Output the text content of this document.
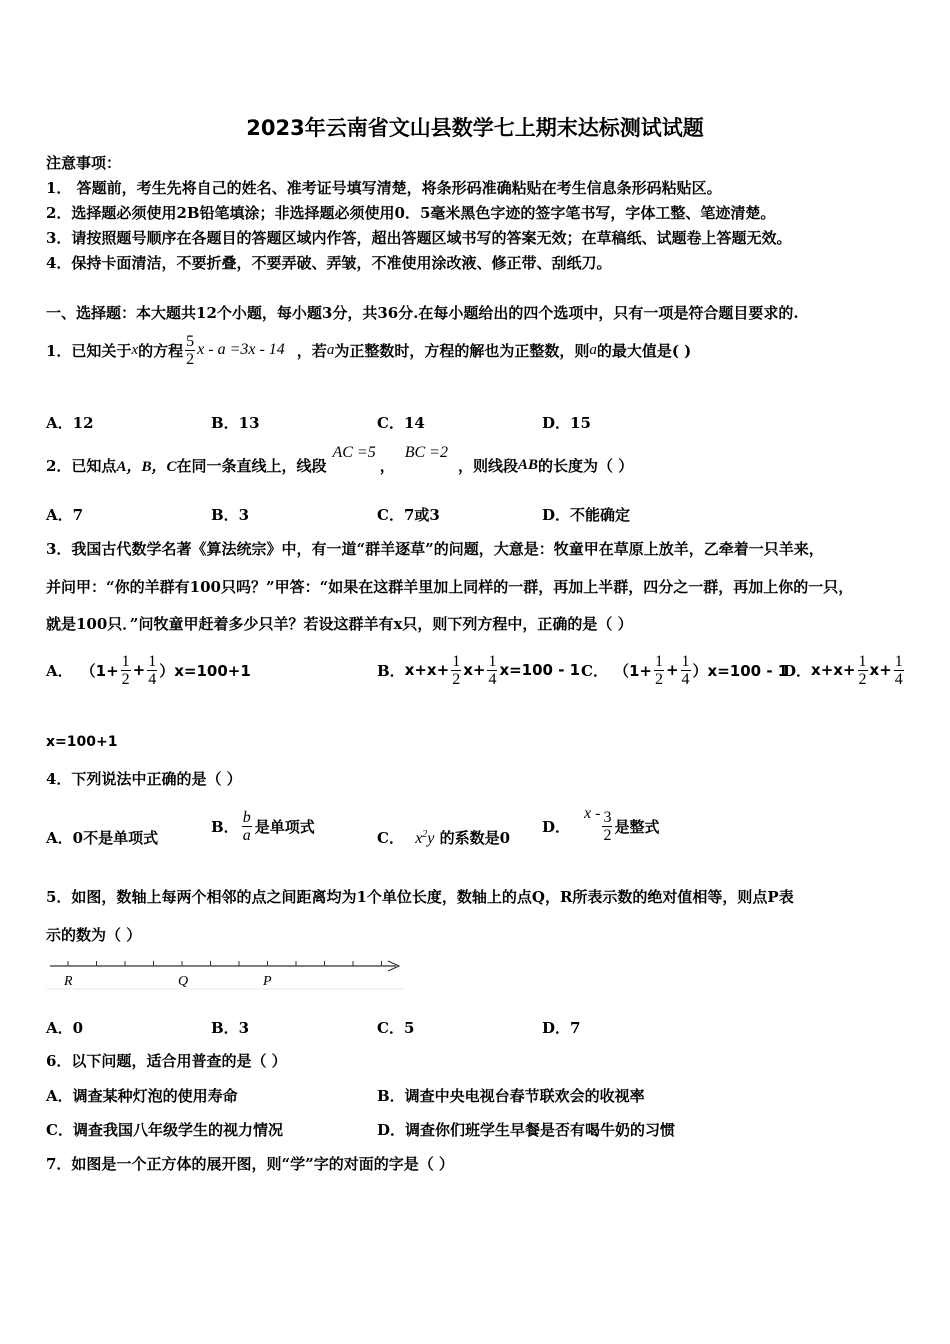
2023年云南省文山县数学七上期末达标测试试题
注意事项：
1． 答题前，考生先将自己的姓名、准考证号填写清楚，将条形码准确粘贴在考生信息条形码粘贴区。
2．选择题必须使用2B铅笔填涂；非选择题必须使用0．5毫米黑色字迹的签字笔书写，字体工整、笔迹清楚。
3．请按照题号顺序在各题目的答题区域内作答，超出答题区域书写的答案无效；在草稿纸、试题卷上答题无效。
4．保持卡面清洁，不要折叠，不要弄破、弄皱，不准使用涂改液、修正带、刮纸刀。
一、选择题：本大题共12个小题，每小题3分，共36分.在每小题给出的四个选项中，只有一项是符合题目要求的.
1．已知关于 x 的方程 $\frac{5}{2}$ x - a =3x - 14 ，若 a 为正整数时，方程的解也为正整数，则 a 的最大值是( )
A．12	B．13	C．14	D．15
2．已知点 A，B，C 在同一条直线上，线段
AC =5
，
BC =2
，则线段 AB 的长度为（ ）
A．7	B．3	C．7或3	D．不能确定
3．我国古代数学名著《算法统宗》中，有一道“群羊逐草”的问题，大意是：牧童甲在草原上放羊，乙牵着一只羊来，
并问甲：“你的羊群有100只吗？”甲答：“如果在这群羊里加上同样的一群，再加上半群，四分之一群，再加上你的一只，
就是100只．”问牧童甲赶着多少只羊？若设这群羊有x只，则下列方程中，正确的是（ ）
A． $(1+ \frac{1}{2} + \frac{1}{4} )x=100+1$	B． $x+x+ \frac{1}{2} x+ \frac{1}{4} x=100 - 1$ C． $(1+ \frac{1}{2} + \frac{1}{4} )x=100 - 1$
D． $x+x+ \frac{1}{2} x+ \frac{1}{4}$
x=100+1
4．下列说法中正确的是（ ）
A．0不是单项式
B． $\frac{b}{a}$ 是单项式
C． $x^2y$ 的系数是0
D．
x - $\frac{3}{2}$ 是整式
5．如图，数轴上每两个相邻的点之间距离均为1个单位长度，数轴上的点Q，R所表示数的绝对值相等，则点P表
示的数为（ ）
R	Q	P
A．0	B．3	C．5	D．7
6．以下问题，适合用普查的是（ ）
A．调查某种灯泡的使用寿命	B．调查中央电视台春节联欢会的收视率
C．调查我国八年级学生的视力情况	D．调查你们班学生早餐是否有喝牛奶的习惯
7．如图是一个正方体的展开图，则“学”字的对面的字是（ ）
